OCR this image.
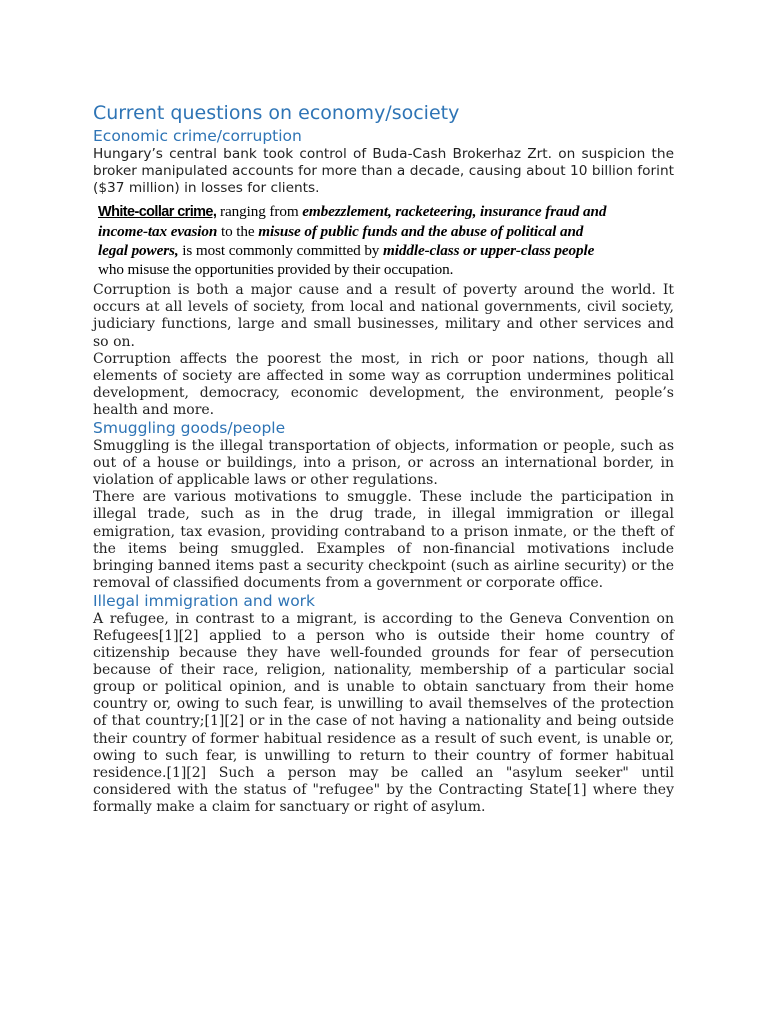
Current questions on economy/society
Economic crime/corruption

Hungary’s central bank took control of Buda-Cash Brokerhaz Zrt. on suspicion the broker manipulated accounts for more than a decade, causing about 10 billion forint ($37 million) in losses for clients.

White-collar crime, ranging from embezzlement, racketeering, insurance fraud and
income-tax evasion to the misuse of public funds and the abuse of political and
legal powers, is most commonly committed by middle-class or upper-class people
who misuse the opportunities provided by their occupation.

Corruption is both a major cause and a result of poverty around the world. It occurs at all levels of society, from local and national governments, civil society, judiciary functions, large and small businesses, military and other services and so on.

Corruption affects the poorest the most, in rich or poor nations, though all elements of society are affected in some way as corruption undermines political development, democracy, economic development, the environment, people’s health and more.

Smuggling goods/people

Smuggling is the illegal transportation of objects, information or people, such as out of a house or buildings, into a prison, or across an international border, in violation of applicable laws or other regulations.

There are various motivations to smuggle. These include the participation in illegal trade, such as in the drug trade, in illegal immigration or illegal emigration, tax evasion, providing contraband to a prison inmate, or the theft of the items being smuggled. Examples of non-financial motivations include bringing banned items past a security checkpoint (such as airline security) or the removal of classified documents from a government or corporate office.

Illegal immigration and work

A refugee, in contrast to a migrant, is according to the Geneva Convention on Refugees[1][2] applied to a person who is outside their home country of citizenship because they have well-founded grounds for fear of persecution because of their race, religion, nationality, membership of a particular social group or political opinion, and is unable to obtain sanctuary from their home country or, owing to such fear, is unwilling to avail themselves of the protection of that country;[1][2] or in the case of not having a nationality and being outside their country of former habitual residence as a result of such event, is unable or, owing to such fear, is unwilling to return to their country of former habitual residence.[1][2] Such a person may be called an "asylum seeker" until considered with the status of "refugee" by the Contracting State[1] where they formally make a claim for sanctuary or right of asylum.
